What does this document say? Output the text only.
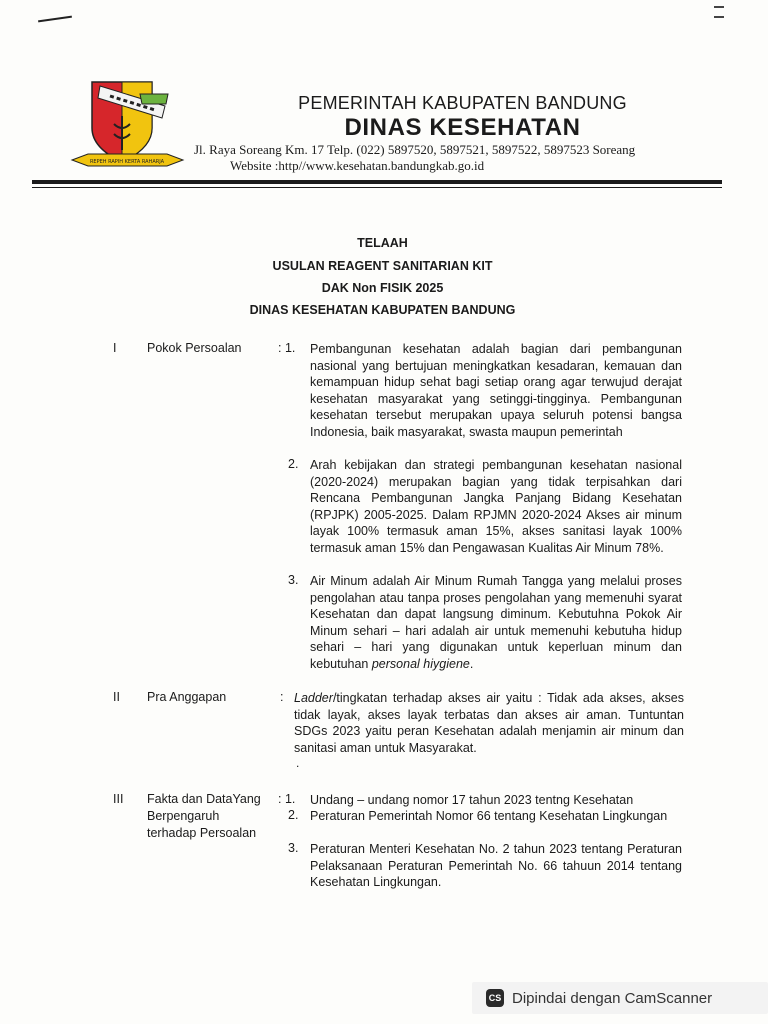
REPEH RAPIH KERTA RAHARJA
PEMERINTAH KABUPATEN BANDUNG
DINAS KESEHATAN
Jl. Raya Soreang Km. 17 Telp. (022) 5897520, 5897521, 5897522, 5897523 Soreang
Website :http//www.kesehatan.bandungkab.go.id
TELAAH
USULAN REAGENT SANITARIAN KIT
DAK Non FISIK 2025
DINAS KESEHATAN KABUPATEN BANDUNG
I Pokok Persoalan	: 1. Pembangunan kesehatan adalah bagian dari pembangunan nasional yang bertujuan meningkatkan kesadaran, kemauan dan kemampuan hidup sehat bagi setiap orang agar terwujud derajat kesehatan masyarakat yang setinggi-tingginya. Pembangunan kesehatan tersebut merupakan upaya seluruh potensi bangsa Indonesia, baik masyarakat, swasta maupun pemerintah
2. Arah kebijakan dan strategi pembangunan kesehatan nasional (2020-2024) merupakan bagian yang tidak terpisahkan dari Rencana Pembangunan Jangka Panjang Bidang Kesehatan (RPJPK) 2005-2025. Dalam RPJMN 2020-2024 Akses air minum layak 100% termasuk aman 15%, akses sanitasi layak 100% termasuk aman 15% dan Pengawasan Kualitas Air Minum 78%.
3. Air Minum adalah Air Minum Rumah Tangga yang melalui proses pengolahan atau tanpa proses pengolahan yang memenuhi syarat Kesehatan dan dapat langsung diminum. Kebutuhna Pokok Air Minum sehari – hari adalah air untuk memenuhi kebutuha hidup sehari – hari yang digunakan untuk keperluan minum dan kebutuhan personal hiygiene.
II Pra Anggapan	: Ladder/tingkatan terhadap akses air yaitu : Tidak ada akses, akses tidak layak, akses layak terbatas dan akses air aman. Tuntuntan SDGs 2023 yaitu peran Kesehatan adalah menjamin air minum dan sanitasi aman untuk Masyarakat.
.
III Fakta dan DataYang
Berpengaruh
terhadap Persoalan
: 1. Undang – undang nomor 17 tahun 2023 tentng Kesehatan
2. Peraturan Pemerintah Nomor 66 tentang Kesehatan Lingkungan
3. Peraturan Menteri Kesehatan No. 2 tahun 2023 tentang Peraturan Pelaksanaan Peraturan Pemerintah No. 66 tahuun 2014 tentang Kesehatan Lingkungan.
CS Dipindai dengan CamScanner
